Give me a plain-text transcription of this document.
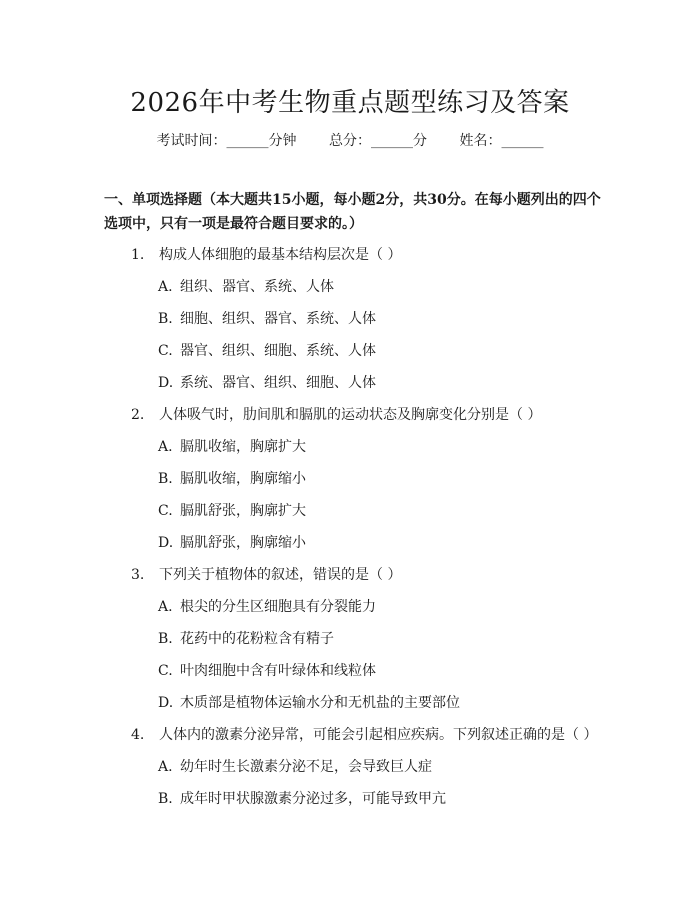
2026年中考生物重点题型练习及答案
考试时间：______分钟 总分：______分 姓名：______
一、单项选择题（本大题共15小题，每小题2分，共30分。在每小题列出的四个选项中，只有一项是最符合题目要求的。）
1. 构成人体细胞的最基本结构层次是（ ）
A. 组织、器官、系统、人体
B. 细胞、组织、器官、系统、人体
C. 器官、组织、细胞、系统、人体
D. 系统、器官、组织、细胞、人体
2. 人体吸气时，肋间肌和膈肌的运动状态及胸廓变化分别是（ ）
A. 膈肌收缩，胸廓扩大
B. 膈肌收缩，胸廓缩小
C. 膈肌舒张，胸廓扩大
D. 膈肌舒张，胸廓缩小
3. 下列关于植物体的叙述，错误的是（ ）
A. 根尖的分生区细胞具有分裂能力
B. 花药中的花粉粒含有精子
C. 叶肉细胞中含有叶绿体和线粒体
D. 木质部是植物体运输水分和无机盐的主要部位
4. 人体内的激素分泌异常，可能会引起相应疾病。下列叙述正确的是（ ）
A. 幼年时生长激素分泌不足，会导致巨人症
B. 成年时甲状腺激素分泌过多，可能导致甲亢
